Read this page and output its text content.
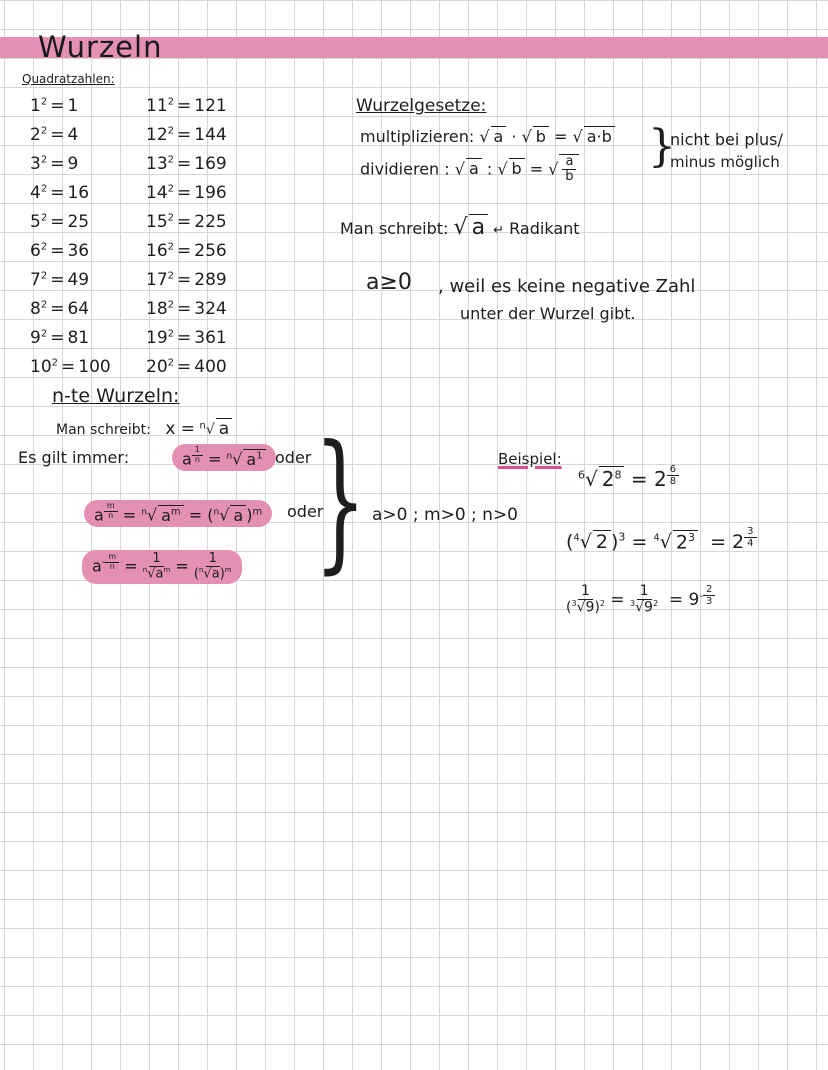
Wurzeln
Quadratzahlen:
$1^2 = 1$
$2^2 = 4$
$3^2 = 9$
$4^2 = 16$
$5^2 = 25$
$6^2 = 36$
$7^2 = 49$
$8^2 = 64$
$9^2 = 81$
$10^2 = 100$
$11^2 = 121$
$12^2 = 144$
$13^2 = 169$
$14^2 = 196$
$15^2 = 225$
$16^2 = 256$
$17^2 = 289$
$18^2 = 324$
$19^2 = 361$
$20^2 = 400$
Wurzelgesetze:
multiplizieren: √ a · √ b = √ a·b
dividieren : √ a : √ b = √ $\frac{a}{b}$ }
nicht bei plus/
minus möglich
Man schreibt: √ a ↵ Radikant
a≥0 , weil es keine negative Zahl
unter der Wurzel gibt.
n-te Wurzeln:
Man schreibt: x = $^n$√ a
Es gilt immer:	a $^{\frac{1}{n}}$ = $^n$√ $a^1$ oder
a $^{\frac{m}{n}}$ = $^n$√ $a^m = (^n√$ a )$^m$	oder
$a^{- \frac{m}{n}} = \frac{1}{^n√a^m} = \frac{1}{(^n√a)^m}$ } a>0 ; m>0 ; n>0
Beispiel:
$^6$√ $2^8 = 2$ $^{\frac{6}{8}}$
($^4$√ 2 )$^3$ = $^4$√ $2^3 = 2$ $^{\frac{3}{4}}$
$\frac{1}{(^3√9)^2} = \frac{1}{^3√9^2} = 9^{- \frac{2}{3}}$
